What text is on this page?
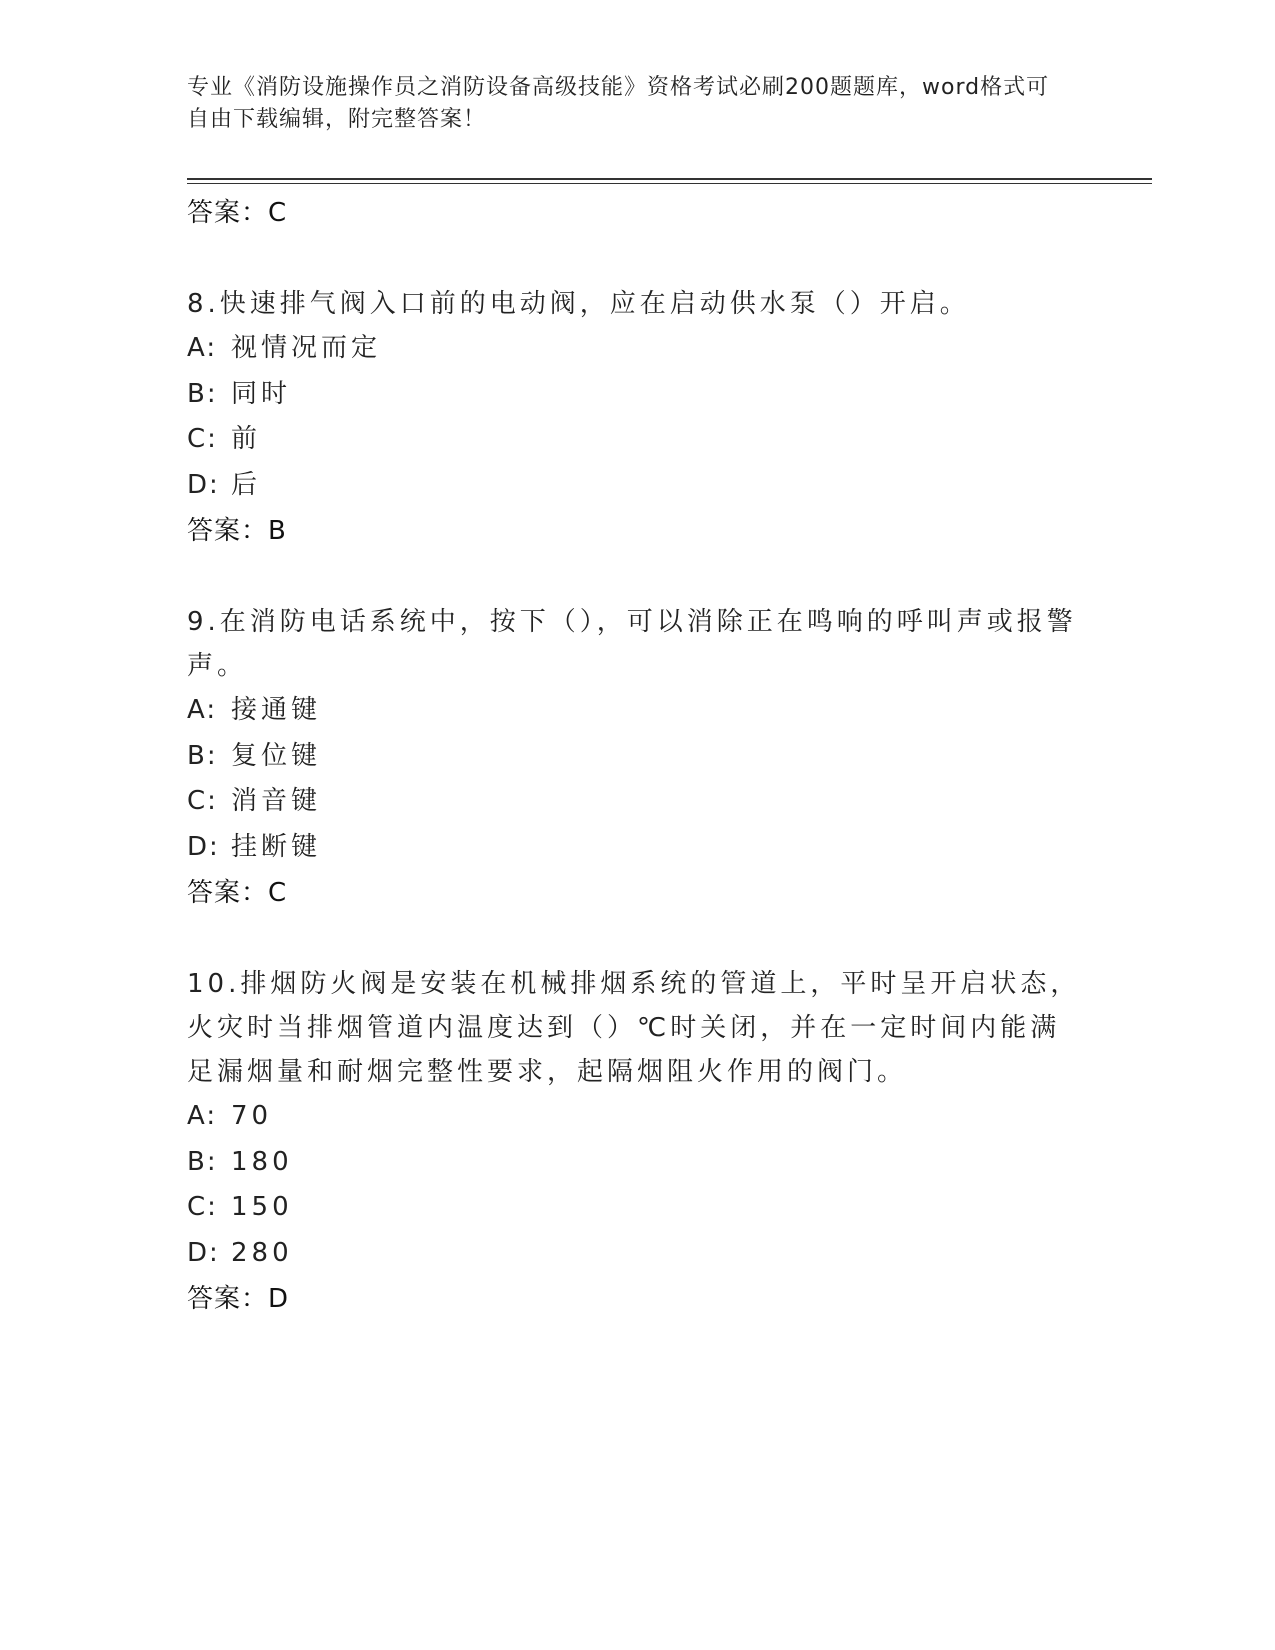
专业《消防设施操作员之消防设备高级技能》资格考试必刷200题题库，word格式可自由下载编辑，附完整答案！
答案：C
8.快速排气阀入口前的电动阀，应在启动供水泵（）开启。
A: 视情况而定
B: 同时
C: 前
D: 后
答案：B
9.在消防电话系统中，按下（），可以消除正在鸣响的呼叫声或报警声。
A: 接通键
B: 复位键
C: 消音键
D: 挂断键
答案：C
10.排烟防火阀是安装在机械排烟系统的管道上，平时呈开启状态，火灾时当排烟管道内温度达到（）℃时关闭，并在一定时间内能满足漏烟量和耐烟完整性要求，起隔烟阻火作用的阀门。
A: 70
B: 180
C: 150
D: 280
答案：D
